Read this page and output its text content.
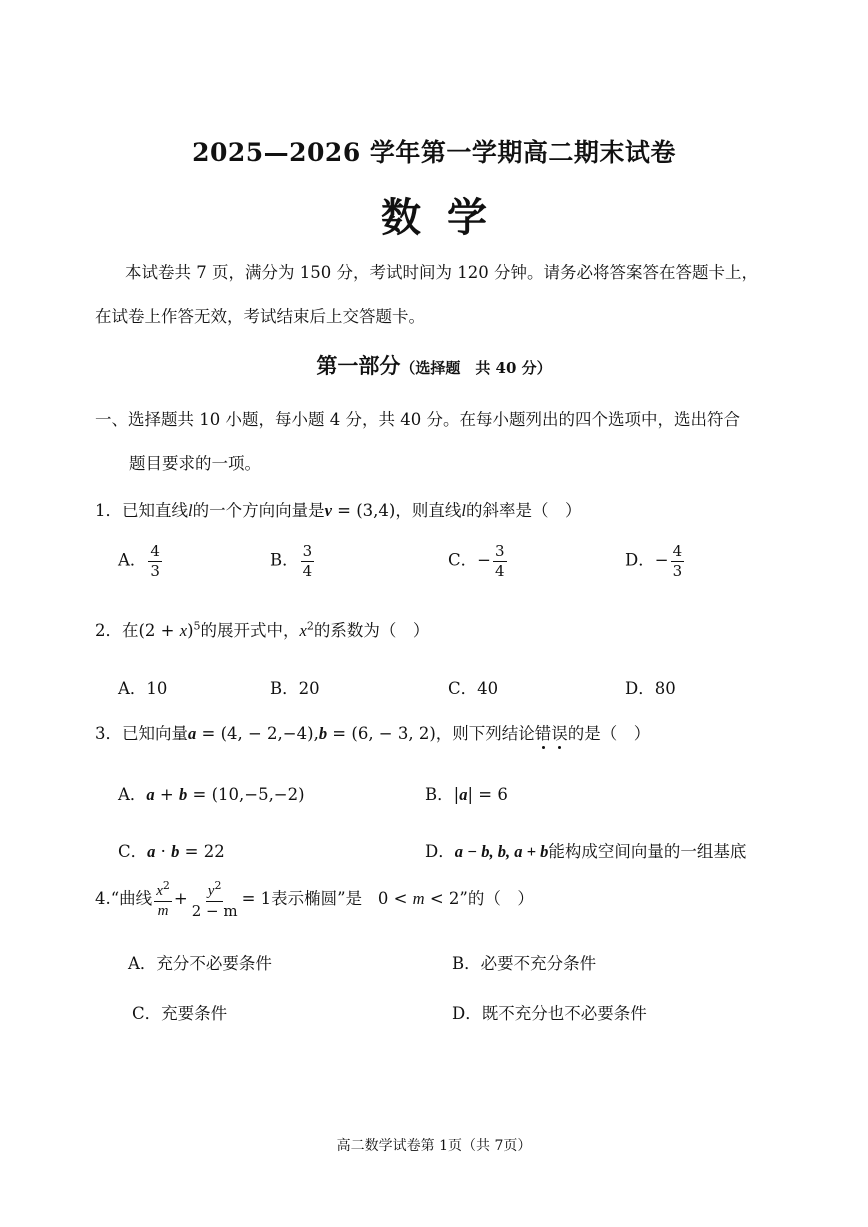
2025—2026 学年第一学期高二期末试卷
数学

本试卷共 7 页，满分为 150 分，考试时间为 120 分钟。请务必将答案答在答题卡上，

在试卷上作答无效，考试结束后上交答题卡。

第一部分（选择题　共 40 分）

一、选择题共 10 小题，每小题 4 分，共 40 分。在每小题列出的四个选项中，选出符合

题目要求的一项。

1．已知直线l的一个方向向量是v = (3,4)，则直线l的斜率是（　）
A． $\frac{4}{3}$	B． $\frac{3}{4}$	C．− $\frac{3}{4}$	D．− $\frac{4}{3}$
2．在$(2 + x)^5$的展开式中，$x^2$的系数为（　）
A．10	B．20	C．40	D．80
3．已知向量a = (4, − 2,−4),b = (6, − 3, 2)，则下列结论错误的是（　）
A．a + b = (10,−5,−2)	B．|a| = 6
C．a · b = 22	D．a − b, b, a + b能构成空间向量的一组基底
4.“曲线 $\frac{x^2}{m} + \frac{y^2}{2 - m} = 1$表示椭圆”是 0 < m < 2”的（　）
A．充分不必要条件	B．必要不充分条件
C．充要条件	D．既不充分也不必要条件
高二数学试卷第 1页（共 7页）
